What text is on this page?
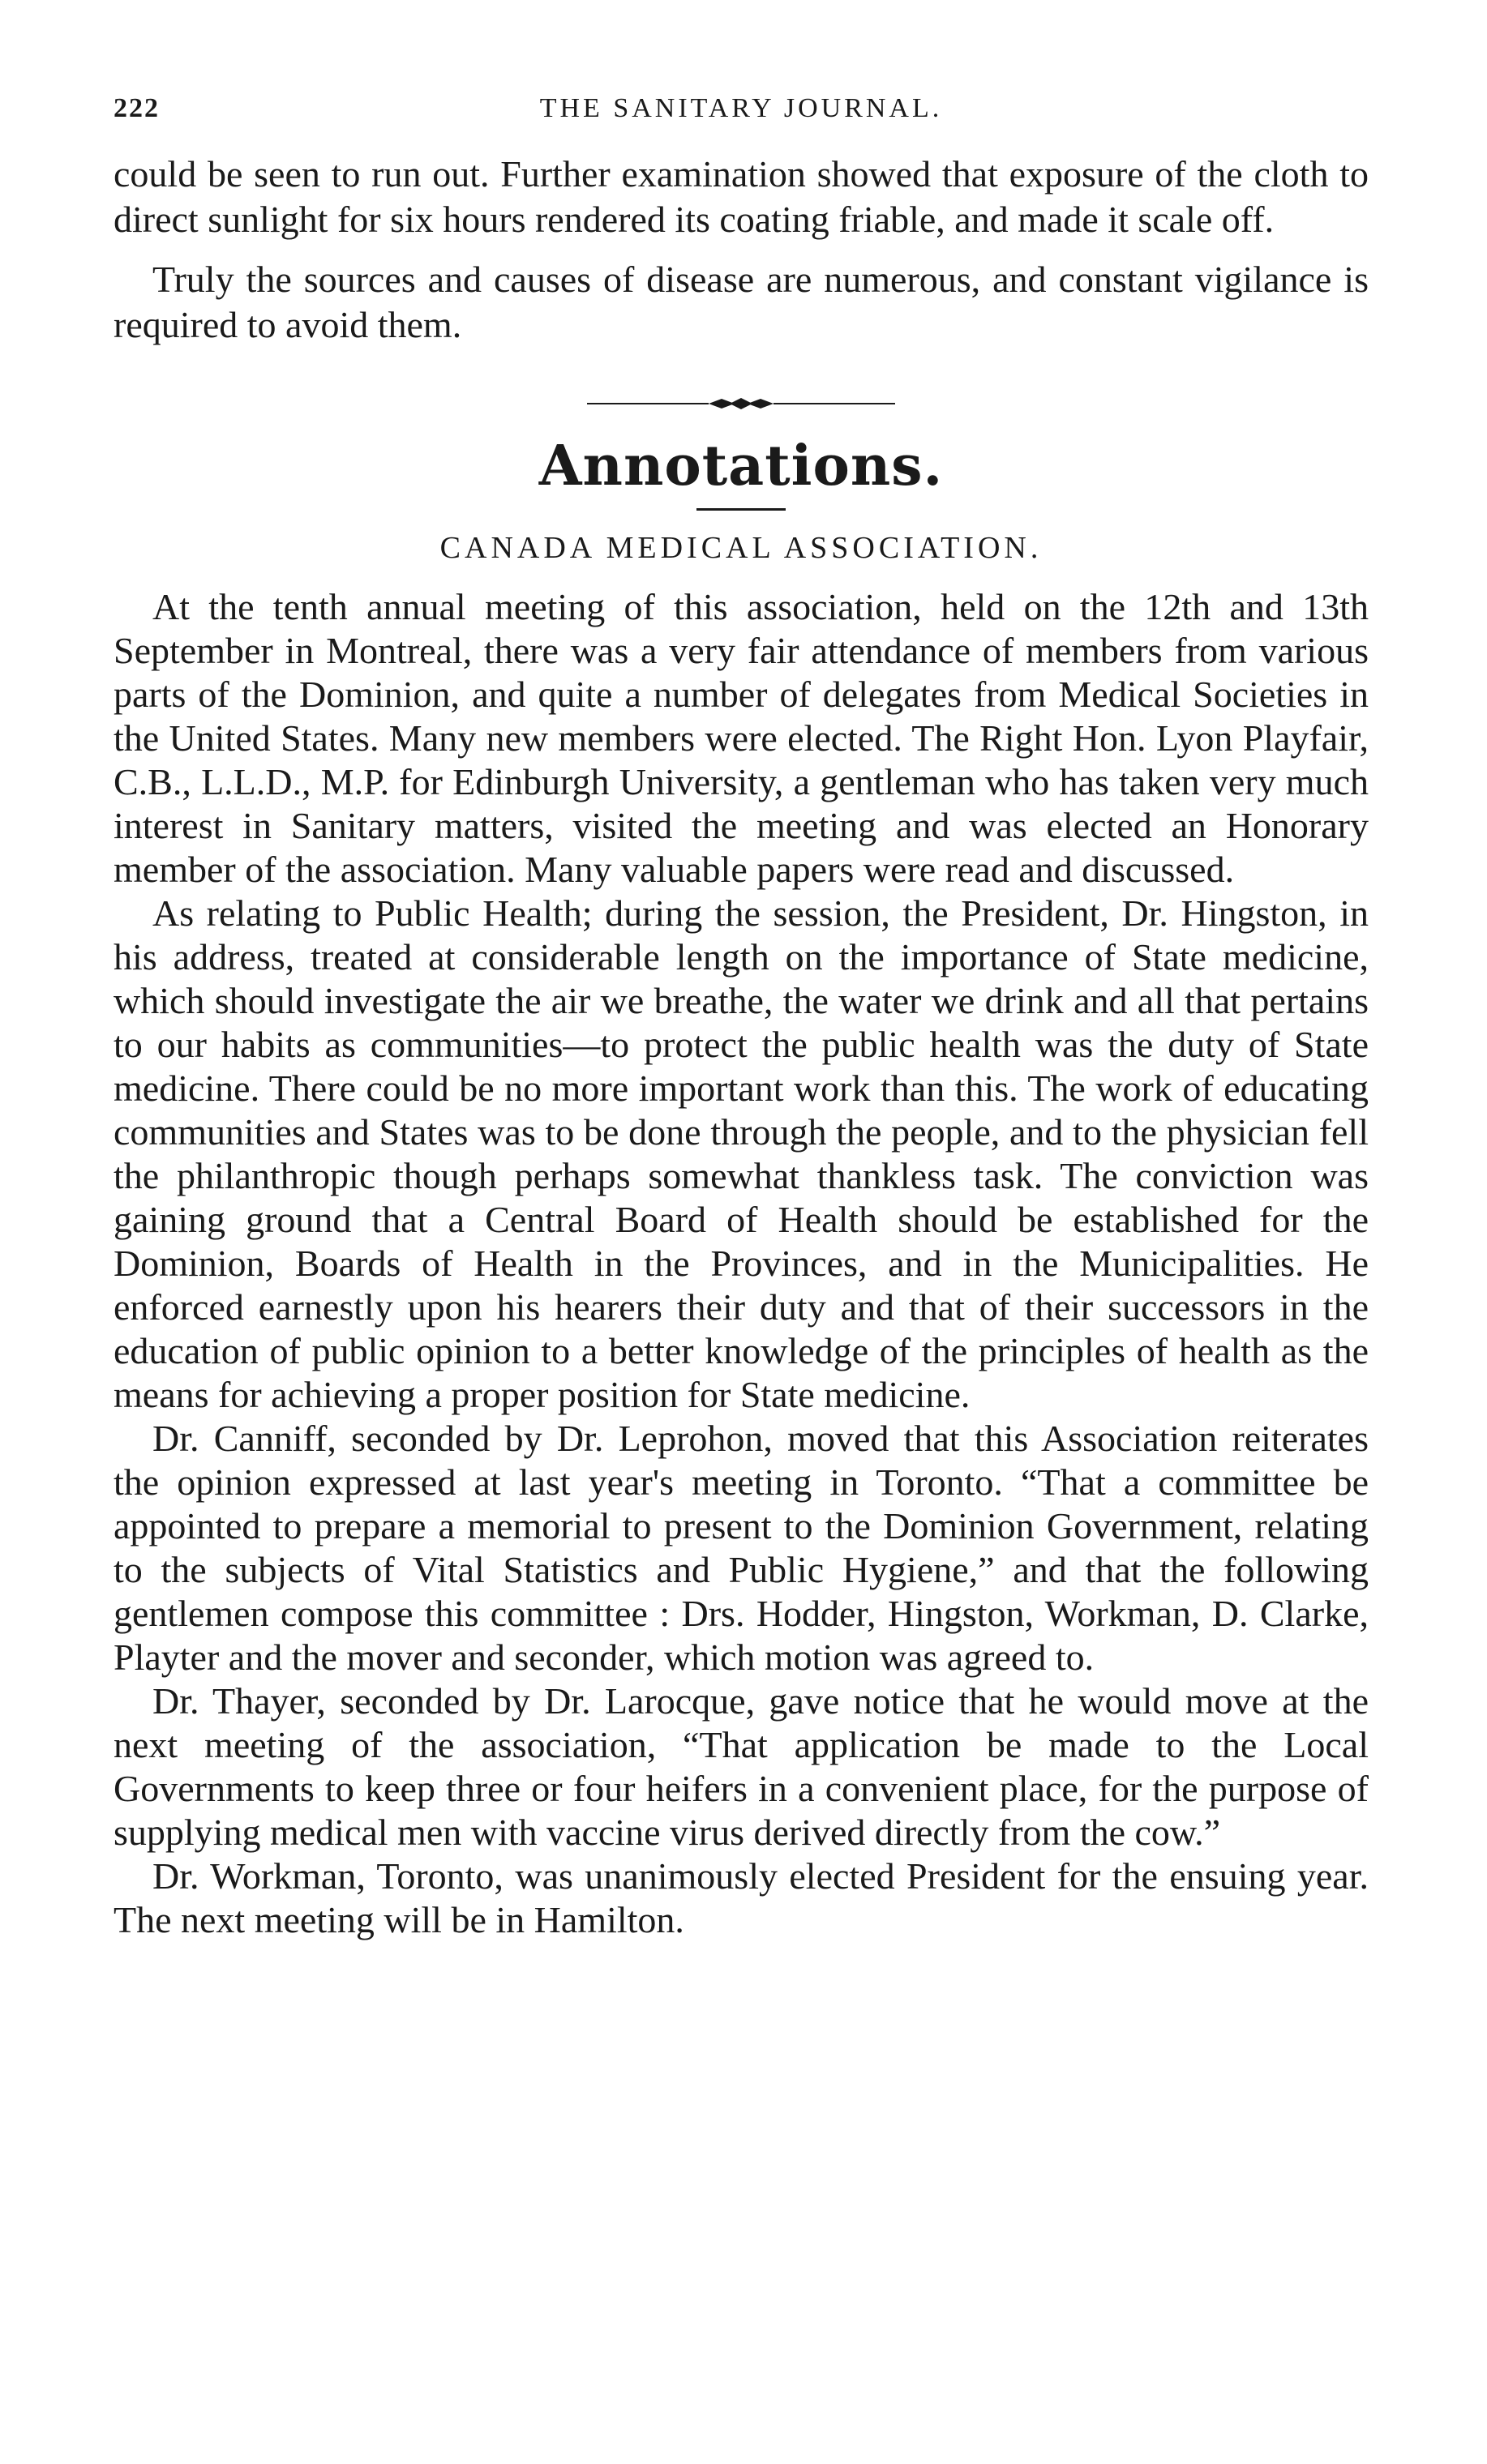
222	THE SANITARY JOURNAL.

could be seen to run out. Further examination showed that exposure of the cloth to direct sunlight for six hours rendered its coating friable, and made it scale off.

Truly the sources and causes of disease are numerous, and constant vigilance is required to avoid them.

Annotations.
CANADA MEDICAL ASSOCIATION.

At the tenth annual meeting of this association, held on the 12th and 13th September in Montreal, there was a very fair attendance of members from various parts of the Dominion, and quite a number of delegates from Medical Societies in the United States. Many new members were elected. The Right Hon. Lyon Playfair, C.B., L.L.D., M.P. for Edinburgh University, a gentleman who has taken very much interest in Sanitary matters, visited the meeting and was elected an Honorary member of the association. Many valuable papers were read and discussed.

As relating to Public Health; during the session, the President, Dr. Hingston, in his address, treated at considerable length on the importance of State medicine, which should investigate the air we breathe, the water we drink and all that pertains to our habits as communities—to protect the public health was the duty of State medicine. There could be no more important work than this. The work of educating communities and States was to be done through the people, and to the physician fell the philanthropic though perhaps somewhat thankless task. The conviction was gaining ground that a Central Board of Health should be established for the Dominion, Boards of Health in the Provinces, and in the Municipalities. He enforced earnestly upon his hearers their duty and that of their successors in the education of public opinion to a better knowledge of the principles of health as the means for achieving a proper position for State medicine.

Dr. Canniff, seconded by Dr. Leprohon, moved that this Association reiterates the opinion expressed at last year's meeting in Toronto. “That a committee be appointed to prepare a memorial to present to the Dominion Government, relating to the subjects of Vital Statistics and Public Hygiene,” and that the following gentlemen compose this committee : Drs. Hodder, Hingston, Workman, D. Clarke, Playter and the mover and seconder, which motion was agreed to.

Dr. Thayer, seconded by Dr. Larocque, gave notice that he would move at the next meeting of the association, “That application be made to the Local Governments to keep three or four heifers in a convenient place, for the purpose of supplying medical men with vaccine virus derived directly from the cow.”

Dr. Workman, Toronto, was unanimously elected President for the ensuing year. The next meeting will be in Hamilton.
